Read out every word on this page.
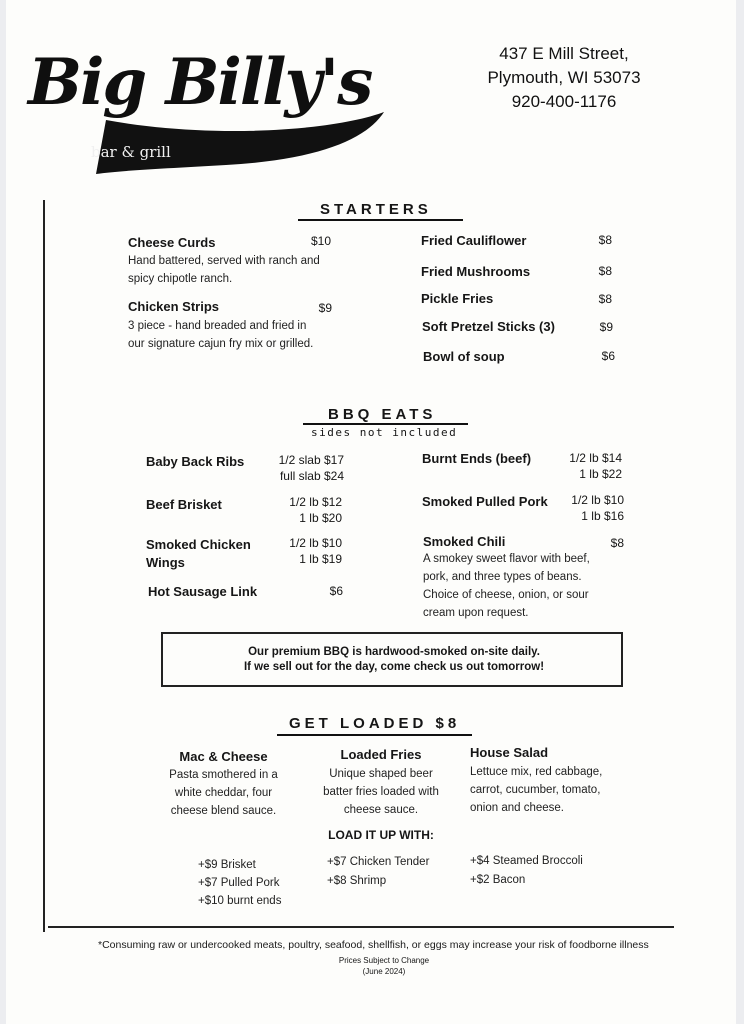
Big Billy's
bar & grill
437 E Mill Street,
Plymouth, WI 53073
920-400-1176
STARTERS
Cheese Curds	$10
Hand battered, served with ranch and
spicy chipotle ranch.
Chicken Strips	$9
3 piece - hand breaded and fried in
our signature cajun fry mix or grilled.
Fried Cauliflower	$8
Fried Mushrooms	$8
Pickle Fries	$8
Soft Pretzel Sticks (3)	$9
Bowl of soup	$6
BBQ EATS
sides not included
Baby Back Ribs	1/2 slab $17
full slab $24
Beef Brisket	1/2 lb $12
1 lb $20
Smoked Chicken
Wings
1/2 lb $10
1 lb $19
Hot Sausage Link	$6
Burnt Ends (beef)	1/2 lb $14
1 lb $22
Smoked Pulled Pork	1/2 lb $10
1 lb $16
Smoked Chili	$8
A smokey sweet flavor with beef,
pork, and three types of beans.
Choice of cheese, onion, or sour
cream upon request.
Our premium BBQ is hardwood-smoked on-site daily.
If we sell out for the day, come check us out tomorrow!
GET LOADED $8
Mac & Cheese
Pasta smothered in a
white cheddar, four
cheese blend sauce.
Loaded Fries
Unique shaped beer
batter fries loaded with
cheese sauce.
House Salad
Lettuce mix, red cabbage,
carrot, cucumber, tomato,
onion and cheese.
LOAD IT UP WITH:
+$9 Brisket
+$7 Pulled Pork
+$10 burnt ends
+$7 Chicken Tender
+$8 Shrimp
+$4 Steamed Broccoli
+$2 Bacon
*Consuming raw or undercooked meats, poultry, seafood, shellfish, or eggs may increase your risk of foodborne illness
Prices Subject to Change
(June 2024)
